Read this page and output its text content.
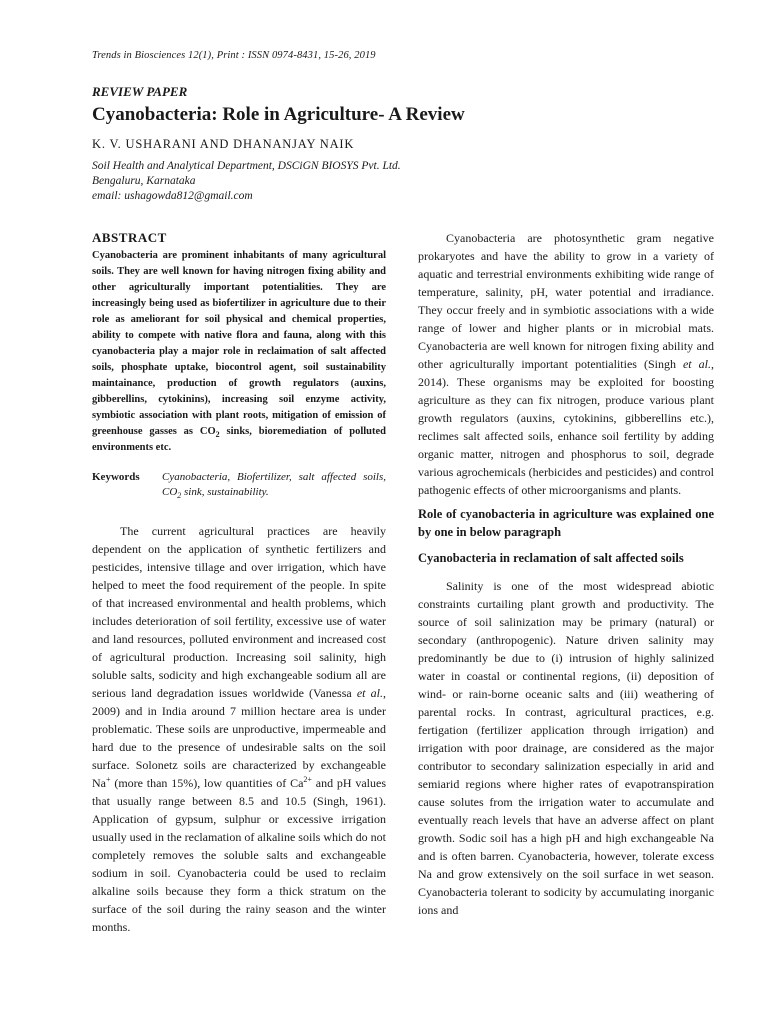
Trends in Biosciences 12(1), Print : ISSN 0974-8431, 15-26, 2019
REVIEW PAPER
Cyanobacteria: Role in Agriculture- A Review
K. V. USHARANI AND DHANANJAY NAIK
Soil Health and Analytical Department, DSCiGN BIOSYS Pvt. Ltd.
Bengaluru, Karnataka
email: ushagowda812@gmail.com
ABSTRACT

Cyanobacteria are prominent inhabitants of many agricultural soils. They are well known for having nitrogen fixing ability and other agriculturally important potentialities. They are increasingly being used as biofertilizer in agriculture due to their role as ameliorant for soil physical and chemical properties, ability to compete with native flora and fauna, along with this cyanobacteria play a major role in reclaimation of salt affected soils, phosphate uptake, biocontrol agent, soil sustainability maintainance, production of growth regulators (auxins, gibberellins, cytokinins), increasing soil enzyme activity, symbiotic association with plant roots, mitigation of emission of greenhouse gasses as $CO_2$ sinks, bioremediation of polluted environments etc.

Keywords	Cyanobacteria, Biofertilizer, salt affected soils, $CO_2$ sink, sustainability.

The current agricultural practices are heavily dependent on the application of synthetic fertilizers and pesticides, intensive tillage and over irrigation, which have helped to meet the food requirement of the people. In spite of that increased environmental and health problems, which includes deterioration of soil fertility, excessive use of water and land resources, polluted environment and increased cost of agricultural production. Increasing soil salinity, high soluble salts, sodicity and high exchangeable sodium all are serious land degradation issues worldwide (Vanessa et al., 2009) and in India around 7 million hectare area is under problematic. These soils are unproductive, impermeable and hard due to the presence of undesirable salts on the soil surface. Solonetz soils are characterized by exchangeable Na+ (more than 15%), low quantities of $Ca^{2+}$ and pH values that usually range between 8.5 and 10.5 (Singh, 1961). Application of gypsum, sulphur or excessive irrigation usually used in the reclamation of alkaline soils which do not completely removes the soluble salts and exchangeable sodium in soil. Cyanobacteria could be used to reclaim alkaline soils because they form a thick stratum on the surface of the soil during the rainy season and the winter months.

Cyanobacteria are photosynthetic gram negative prokaryotes and have the ability to grow in a variety of aquatic and terrestrial environments exhibiting wide range of temperature, salinity, pH, water potential and irradiance. They occur freely and in symbiotic associations with a wide range of lower and higher plants or in microbial mats. Cyanobacteria are well known for nitrogen fixing ability and other agriculturally important potentialities (Singh et al., 2014). These organisms may be exploited for boosting agriculture as they can fix nitrogen, produce various plant growth regulators (auxins, cytokinins, gibberellins etc.), reclimes salt affected soils, enhance soil fertility by adding organic matter, nitrogen and phosphorus to soil, degrade various agrochemicals (herbicides and pesticides) and control pathogenic effects of other microorganisms and plants.

Role of cyanobacteria in agriculture was explained one by one in below paragraph
Cyanobacteria in reclamation of salt affected soils

Salinity is one of the most widespread abiotic constraints curtailing plant growth and productivity. The source of soil salinization may be primary (natural) or secondary (anthropogenic). Nature driven salinity may predominantly be due to (i) intrusion of highly salinized water in coastal or continental regions, (ii) deposition of wind- or rain-borne oceanic salts and (iii) weathering of parental rocks. In contrast, agricultural practices, e.g. fertigation (fertilizer application through irrigation) and irrigation with poor drainage, are considered as the major contributor to secondary salinization especially in arid and semiarid regions where higher rates of evapotranspiration cause solutes from the irrigation water to accumulate and eventually reach levels that have an adverse affect on plant growth. Sodic soil has a high pH and high exchangeable Na and is often barren. Cyanobacteria, however, tolerate excess Na and grow extensively on the soil surface in wet season. Cyanobacteria tolerant to sodicity by accumulating inorganic ions and
